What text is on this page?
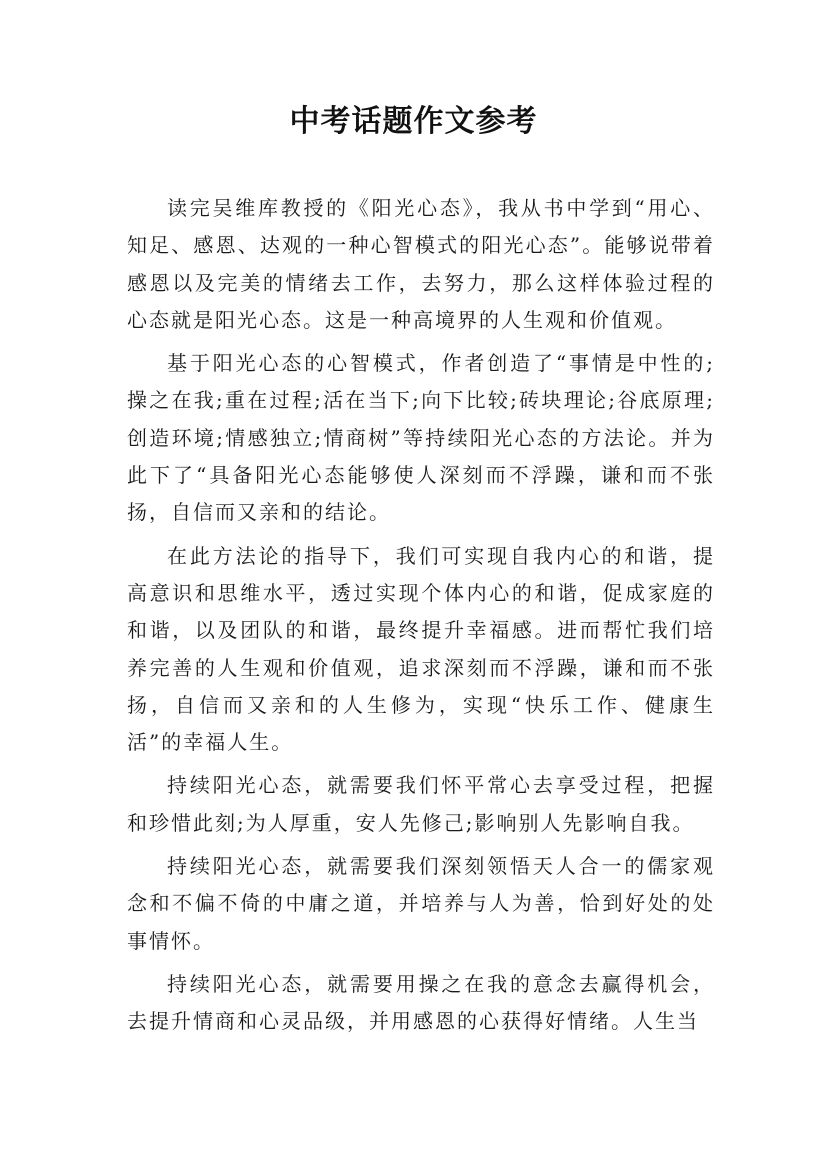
中考话题作文参考

读完吴维库教授的《阳光心态》，我从书中学到“用心、知足、感恩、达观的一种心智模式的阳光心态”。能够说带着感恩以及完美的情绪去工作，去努力，那么这样体验过程的心态就是阳光心态。这是一种高境界的人生观和价值观。

基于阳光心态的心智模式，作者创造了“事情是中性的;操之在我;重在过程;活在当下;向下比较;砖块理论;谷底原理;创造环境;情感独立;情商树”等持续阳光心态的方法论。并为此下了“具备阳光心态能够使人深刻而不浮躁，谦和而不张扬，自信而又亲和的结论。

在此方法论的指导下，我们可实现自我内心的和谐，提高意识和思维水平，透过实现个体内心的和谐，促成家庭的和谐，以及团队的和谐，最终提升幸福感。进而帮忙我们培养完善的人生观和价值观，追求深刻而不浮躁，谦和而不张扬，自信而又亲和的人生修为，实现“快乐工作、健康生活”的幸福人生。

持续阳光心态，就需要我们怀平常心去享受过程，把握和珍惜此刻;为人厚重，安人先修己;影响别人先影响自我。

持续阳光心态，就需要我们深刻领悟天人合一的儒家观念和不偏不倚的中庸之道，并培养与人为善，恰到好处的处事情怀。

持续阳光心态，就需要用操之在我的意念去赢得机会，去提升情商和心灵品级，并用感恩的心获得好情绪。人生当
